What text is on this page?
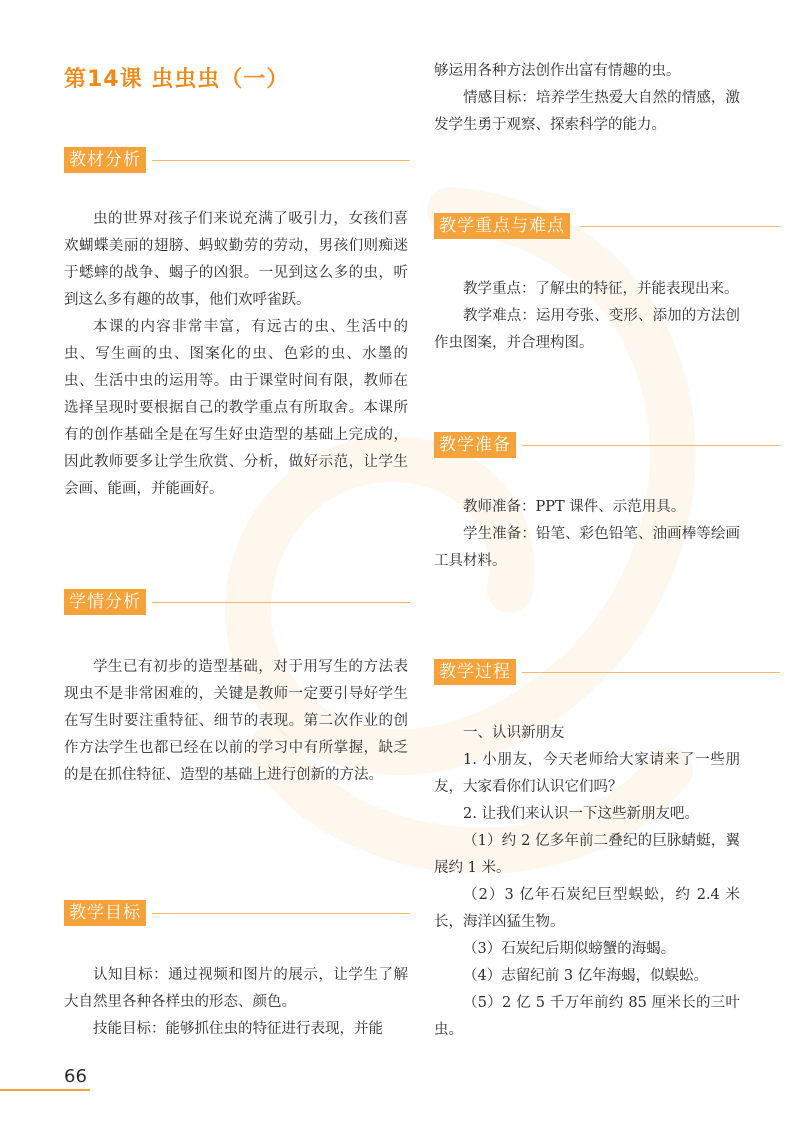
第14课 虫虫虫（一）
教材分析

虫的世界对孩子们来说充满了吸引力，女孩们喜欢蝴蝶美丽的翅膀、蚂蚁勤劳的劳动，男孩们则痴迷于蟋蟀的战争、蝎子的凶狠。一见到这么多的虫，听到这么多有趣的故事，他们欢呼雀跃。

本课的内容非常丰富，有远古的虫、生活中的虫、写生画的虫、图案化的虫、色彩的虫、水墨的虫、生活中虫的运用等。由于课堂时间有限，教师在选择呈现时要根据自己的教学重点有所取舍。本课所有的创作基础全是在写生好虫造型的基础上完成的，因此教师要多让学生欣赏、分析，做好示范，让学生会画、能画，并能画好。

学情分析

学生已有初步的造型基础，对于用写生的方法表现虫不是非常困难的，关键是教师一定要引导好学生在写生时要注重特征、细节的表现。第二次作业的创作方法学生也都已经在以前的学习中有所掌握，缺乏的是在抓住特征、造型的基础上进行创新的方法。

教学目标

认知目标：通过视频和图片的展示，让学生了解大自然里各种各样虫的形态、颜色。

技能目标：能够抓住虫的特征进行表现，并能

够运用各种方法创作出富有情趣的虫。

情感目标：培养学生热爱大自然的情感，激发学生勇于观察、探索科学的能力。

教学重点与难点

教学重点：了解虫的特征，并能表现出来。

教学难点：运用夸张、变形、添加的方法创作虫图案，并合理构图。

教学准备

教师准备：PPT 课件、示范用具。

学生准备：铅笔、彩色铅笔、油画棒等绘画工具材料。

教学过程

一、认识新朋友

1. 小朋友，今天老师给大家请来了一些朋友，大家看你们认识它们吗？

2. 让我们来认识一下这些新朋友吧。

（1）约 2 亿多年前二叠纪的巨脉蜻蜓，翼展约 1 米。

（2）3 亿年石炭纪巨型蜈蚣，约 2.4 米长，海洋凶猛生物。

（3）石炭纪后期似螃蟹的海蝎。

（4）志留纪前 3 亿年海蝎，似蜈蚣。

（5）2 亿 5 千万年前约 85 厘米长的三叶虫。

66
